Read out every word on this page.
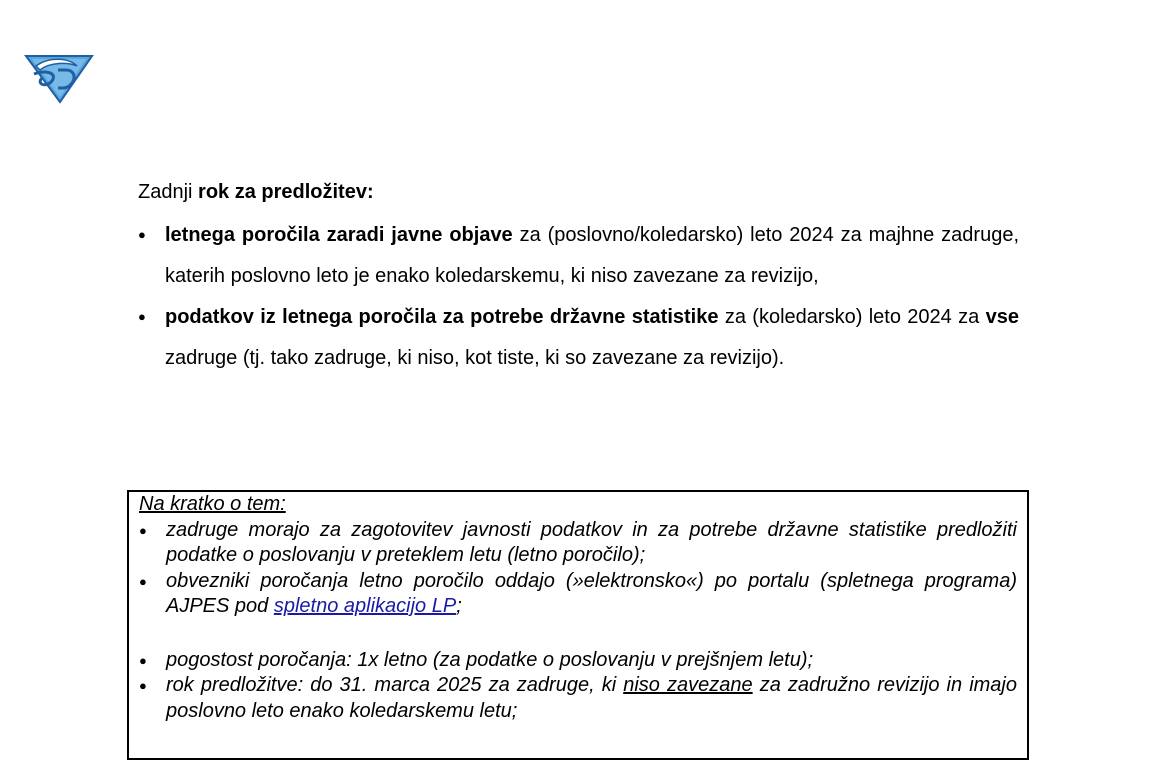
Zadnji rok za predložitev:

● letnega poročila zaradi javne objave za (poslovno/koledarsko) leto 2024 za majhne zadruge, katerih poslovno leto je enako koledarskemu, ki niso zavezane za revizijo,
● podatkov iz letnega poročila za potrebe državne statistike za (koledarsko) leto 2024 za vse zadruge (tj. tako zadruge, ki niso, kot tiste, ki so zavezane za revizijo).

Na kratko o tem:

● zadruge morajo za zagotovitev javnosti podatkov in za potrebe državne statistike predložiti podatke o poslovanju v preteklem letu (letno poročilo);
● obvezniki poročanja letno poročilo oddajo (»elektronsko«) po portalu (spletnega programa) AJPES pod spletno aplikacijo LP;
● pogostost poročanja: 1x letno (za podatke o poslovanju v prejšnjem letu);
● rok predložitve: do 31. marca 2025 za zadruge, ki niso zavezane za zadružno revizijo in imajo poslovno leto enako koledarskemu letu;
